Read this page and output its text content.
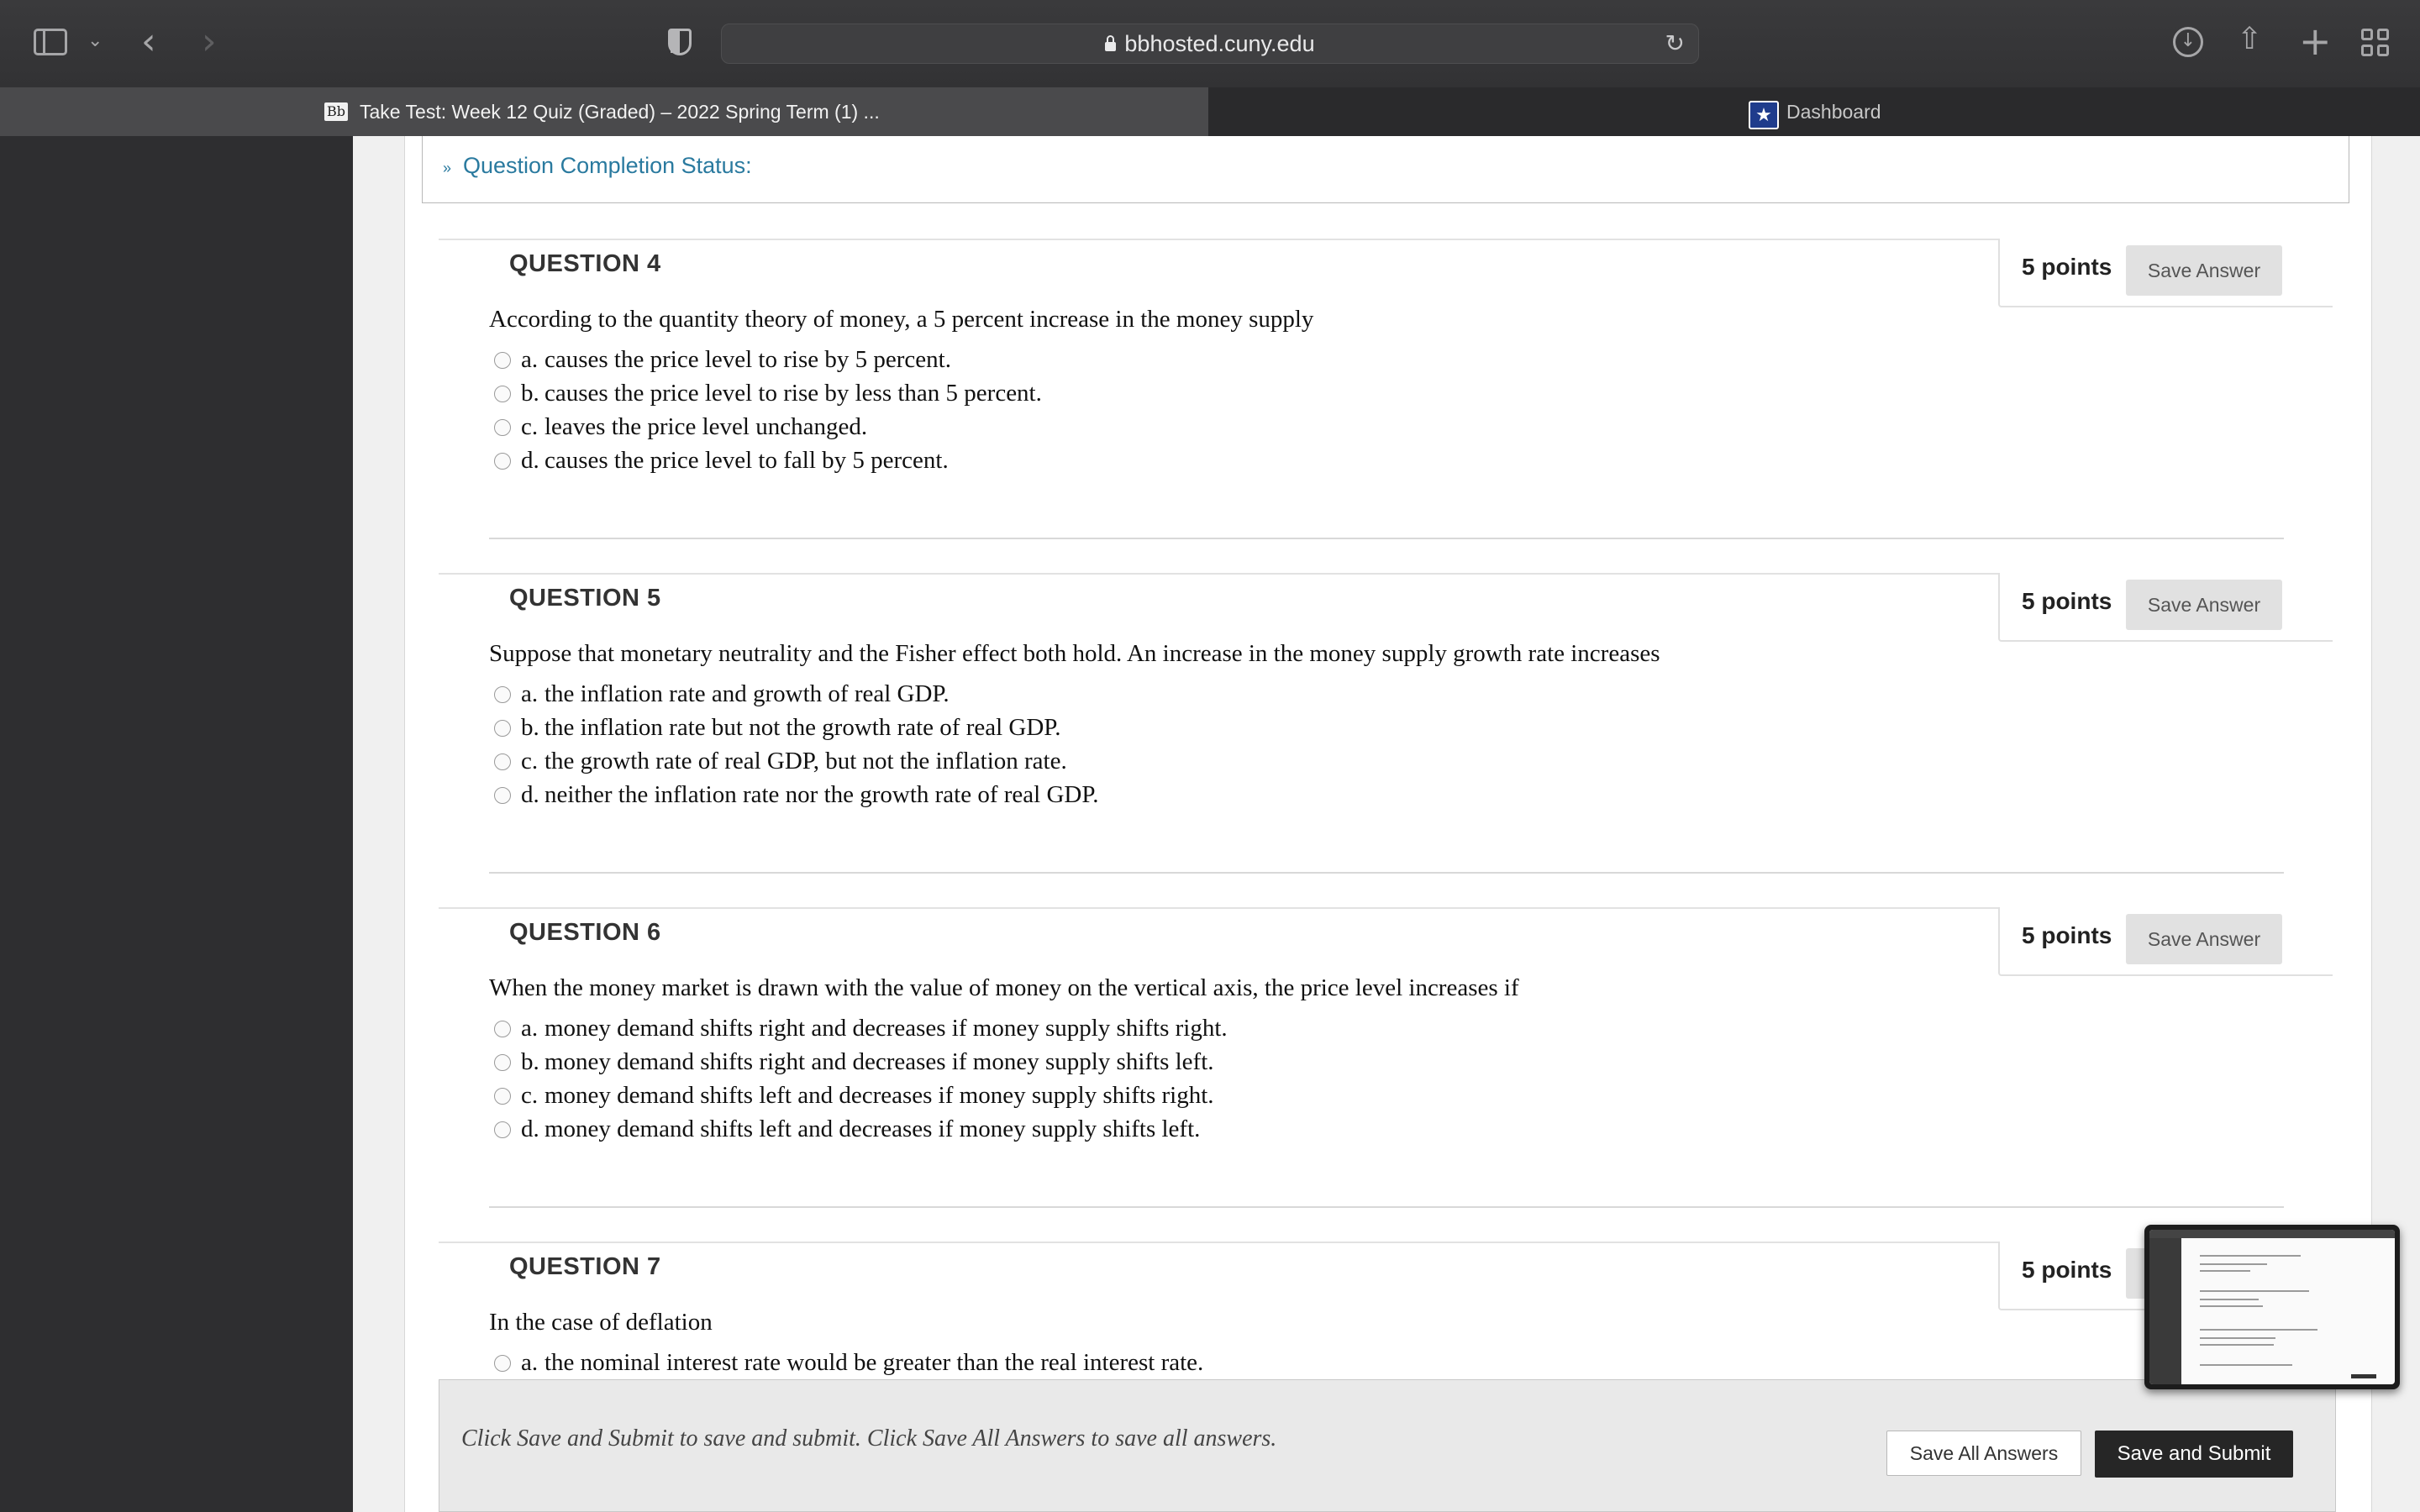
⌄ ‹ ›	bbhosted.cuny.edu	↻	↓ ⇧ +
Bb Take Test: Week 12 Quiz (Graded) – 2022 Spring Term (1) ...	★ Dashboard
» Question Completion Status:
QUESTION 4	5 points	Save Answer
According to the quantity theory of money, a 5 percent increase in the money supply
a. causes the price level to rise by 5 percent.
b. causes the price level to rise by less than 5 percent.
c. leaves the price level unchanged.
d. causes the price level to fall by 5 percent.
QUESTION 5	5 points	Save Answer
Suppose that monetary neutrality and the Fisher effect both hold. An increase in the money supply growth rate increases
a. the inflation rate and growth of real GDP.
b. the inflation rate but not the growth rate of real GDP.
c. the growth rate of real GDP, but not the inflation rate.
d. neither the inflation rate nor the growth rate of real GDP.
QUESTION 6	5 points	Save Answer
When the money market is drawn with the value of money on the vertical axis, the price level increases if
a. money demand shifts right and decreases if money supply shifts right.
b. money demand shifts right and decreases if money supply shifts left.
c. money demand shifts left and decreases if money supply shifts right.
d. money demand shifts left and decreases if money supply shifts left.
QUESTION 7	5 points
In the case of deflation
a. the nominal interest rate would be greater than the real interest rate.
Click Save and Submit to save and submit. Click Save All Answers to save all answers.
Save All Answers	Save and Submit
